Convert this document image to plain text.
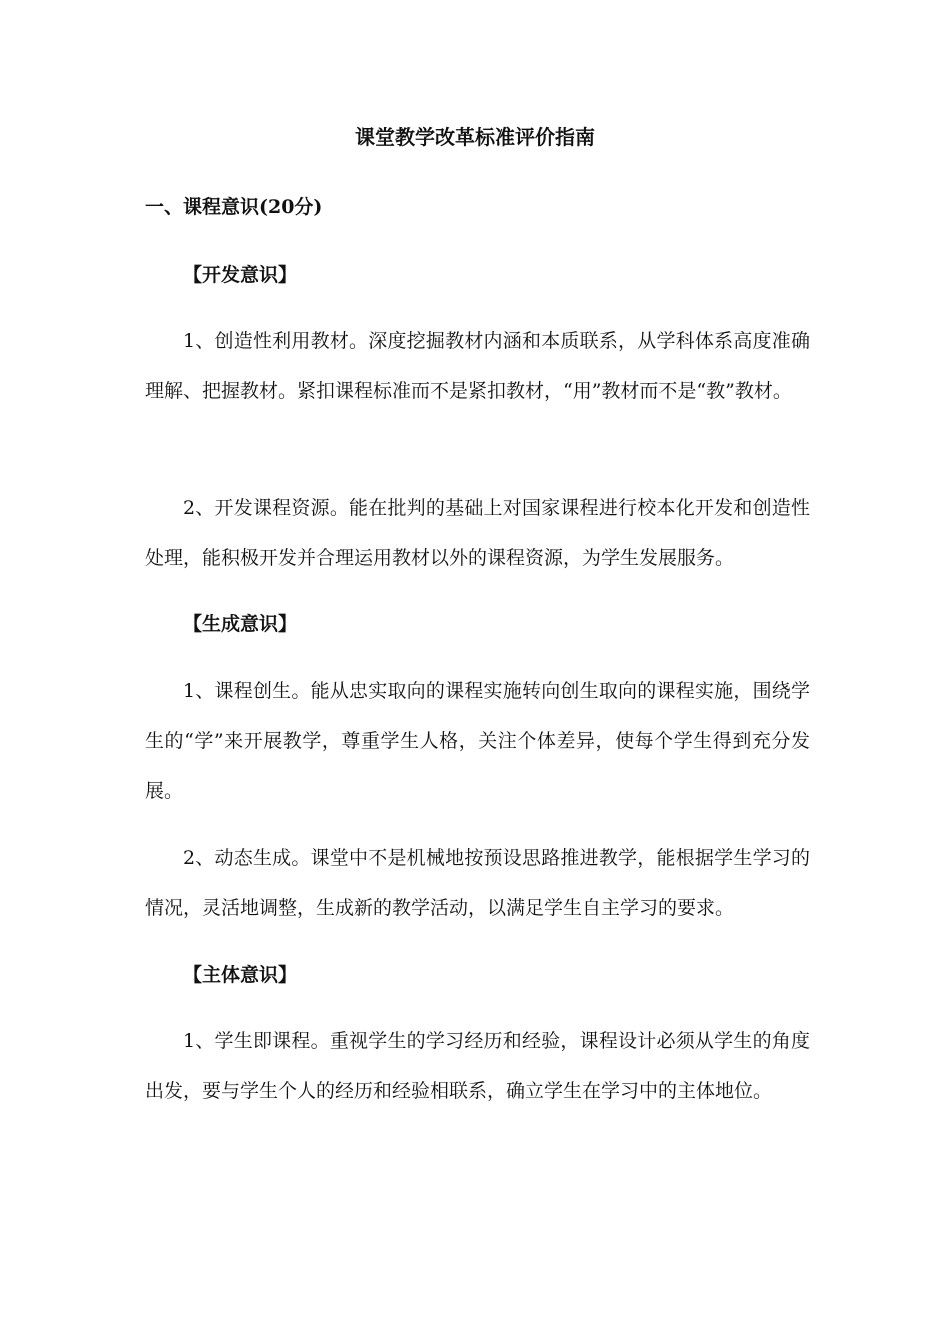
课堂教学改革标准评价指南
一、课程意识(20分)
【开发意识】
1、创造性利用教材。深度挖掘教材内涵和本质联系，从学科体系高度准确理解、把握教材。紧扣课程标准而不是紧扣教材，“用”教材而不是“教”教材。
2、开发课程资源。能在批判的基础上对国家课程进行校本化开发和创造性处理，能积极开发并合理运用教材以外的课程资源，为学生发展服务。
【生成意识】
1、课程创生。能从忠实取向的课程实施转向创生取向的课程实施，围绕学生的“学”来开展教学，尊重学生人格，关注个体差异，使每个学生得到充分发展。
2、动态生成。课堂中不是机械地按预设思路推进教学，能根据学生学习的情况，灵活地调整，生成新的教学活动，以满足学生自主学习的要求。
【主体意识】
1、学生即课程。重视学生的学习经历和经验，课程设计必须从学生的角度出发，要与学生个人的经历和经验相联系，确立学生在学习中的主体地位。
